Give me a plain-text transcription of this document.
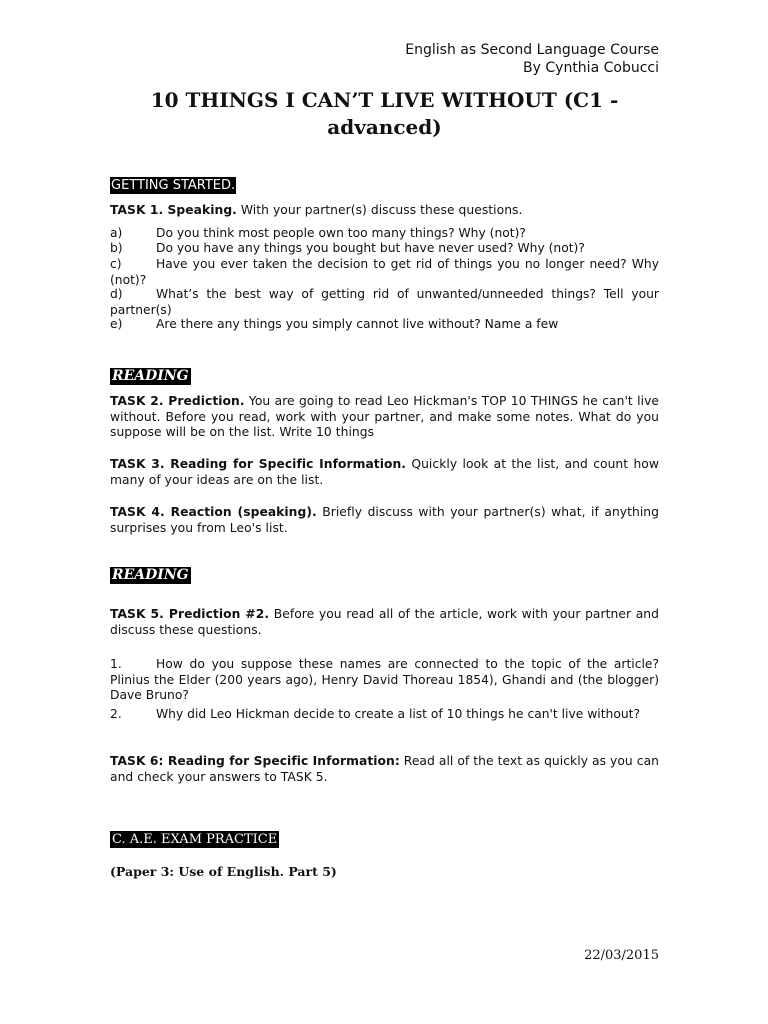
English as Second Language Course
By Cynthia Cobucci
10 THINGS I CAN’T LIVE WITHOUT (C1 -
advanced)
GETTING STARTED.
TASK 1. Speaking. With your partner(s) discuss these questions.
a)	Do you think most people own too many things? Why (not)?
b)	Do you have any things you bought but have never used? Why (not)?
c)	Have you ever taken the decision to get rid of things you no longer need? Why (not)?
d)	What’s the best way of getting rid of unwanted/unneeded things? Tell your partner(s)
e)	Are there any things you simply cannot live without? Name a few
READING
TASK 2. Prediction. You are going to read Leo Hickman's TOP 10 THINGS he can't live without. Before you read, work with your partner, and make some notes. What do you suppose will be on the list. Write 10 things
TASK 3. Reading for Specific Information. Quickly look at the list, and count how many of your ideas are on the list.
TASK 4. Reaction (speaking). Briefly discuss with your partner(s) what, if anything surprises you from Leo's list.
READING
TASK 5. Prediction #2. Before you read all of the article, work with your partner and discuss these questions.
1.	How do you suppose these names are connected to the topic of the article? Plinius the Elder (200 years ago), Henry David Thoreau 1854), Ghandi and (the blogger) Dave Bruno?
2.	Why did Leo Hickman decide to create a list of 10 things he can't live without?
TASK 6: Reading for Specific Information: Read all of the text as quickly as you can and check your answers to TASK 5.
C. A.E. EXAM PRACTICE
(Paper 3: Use of English. Part 5)
22/03/2015
